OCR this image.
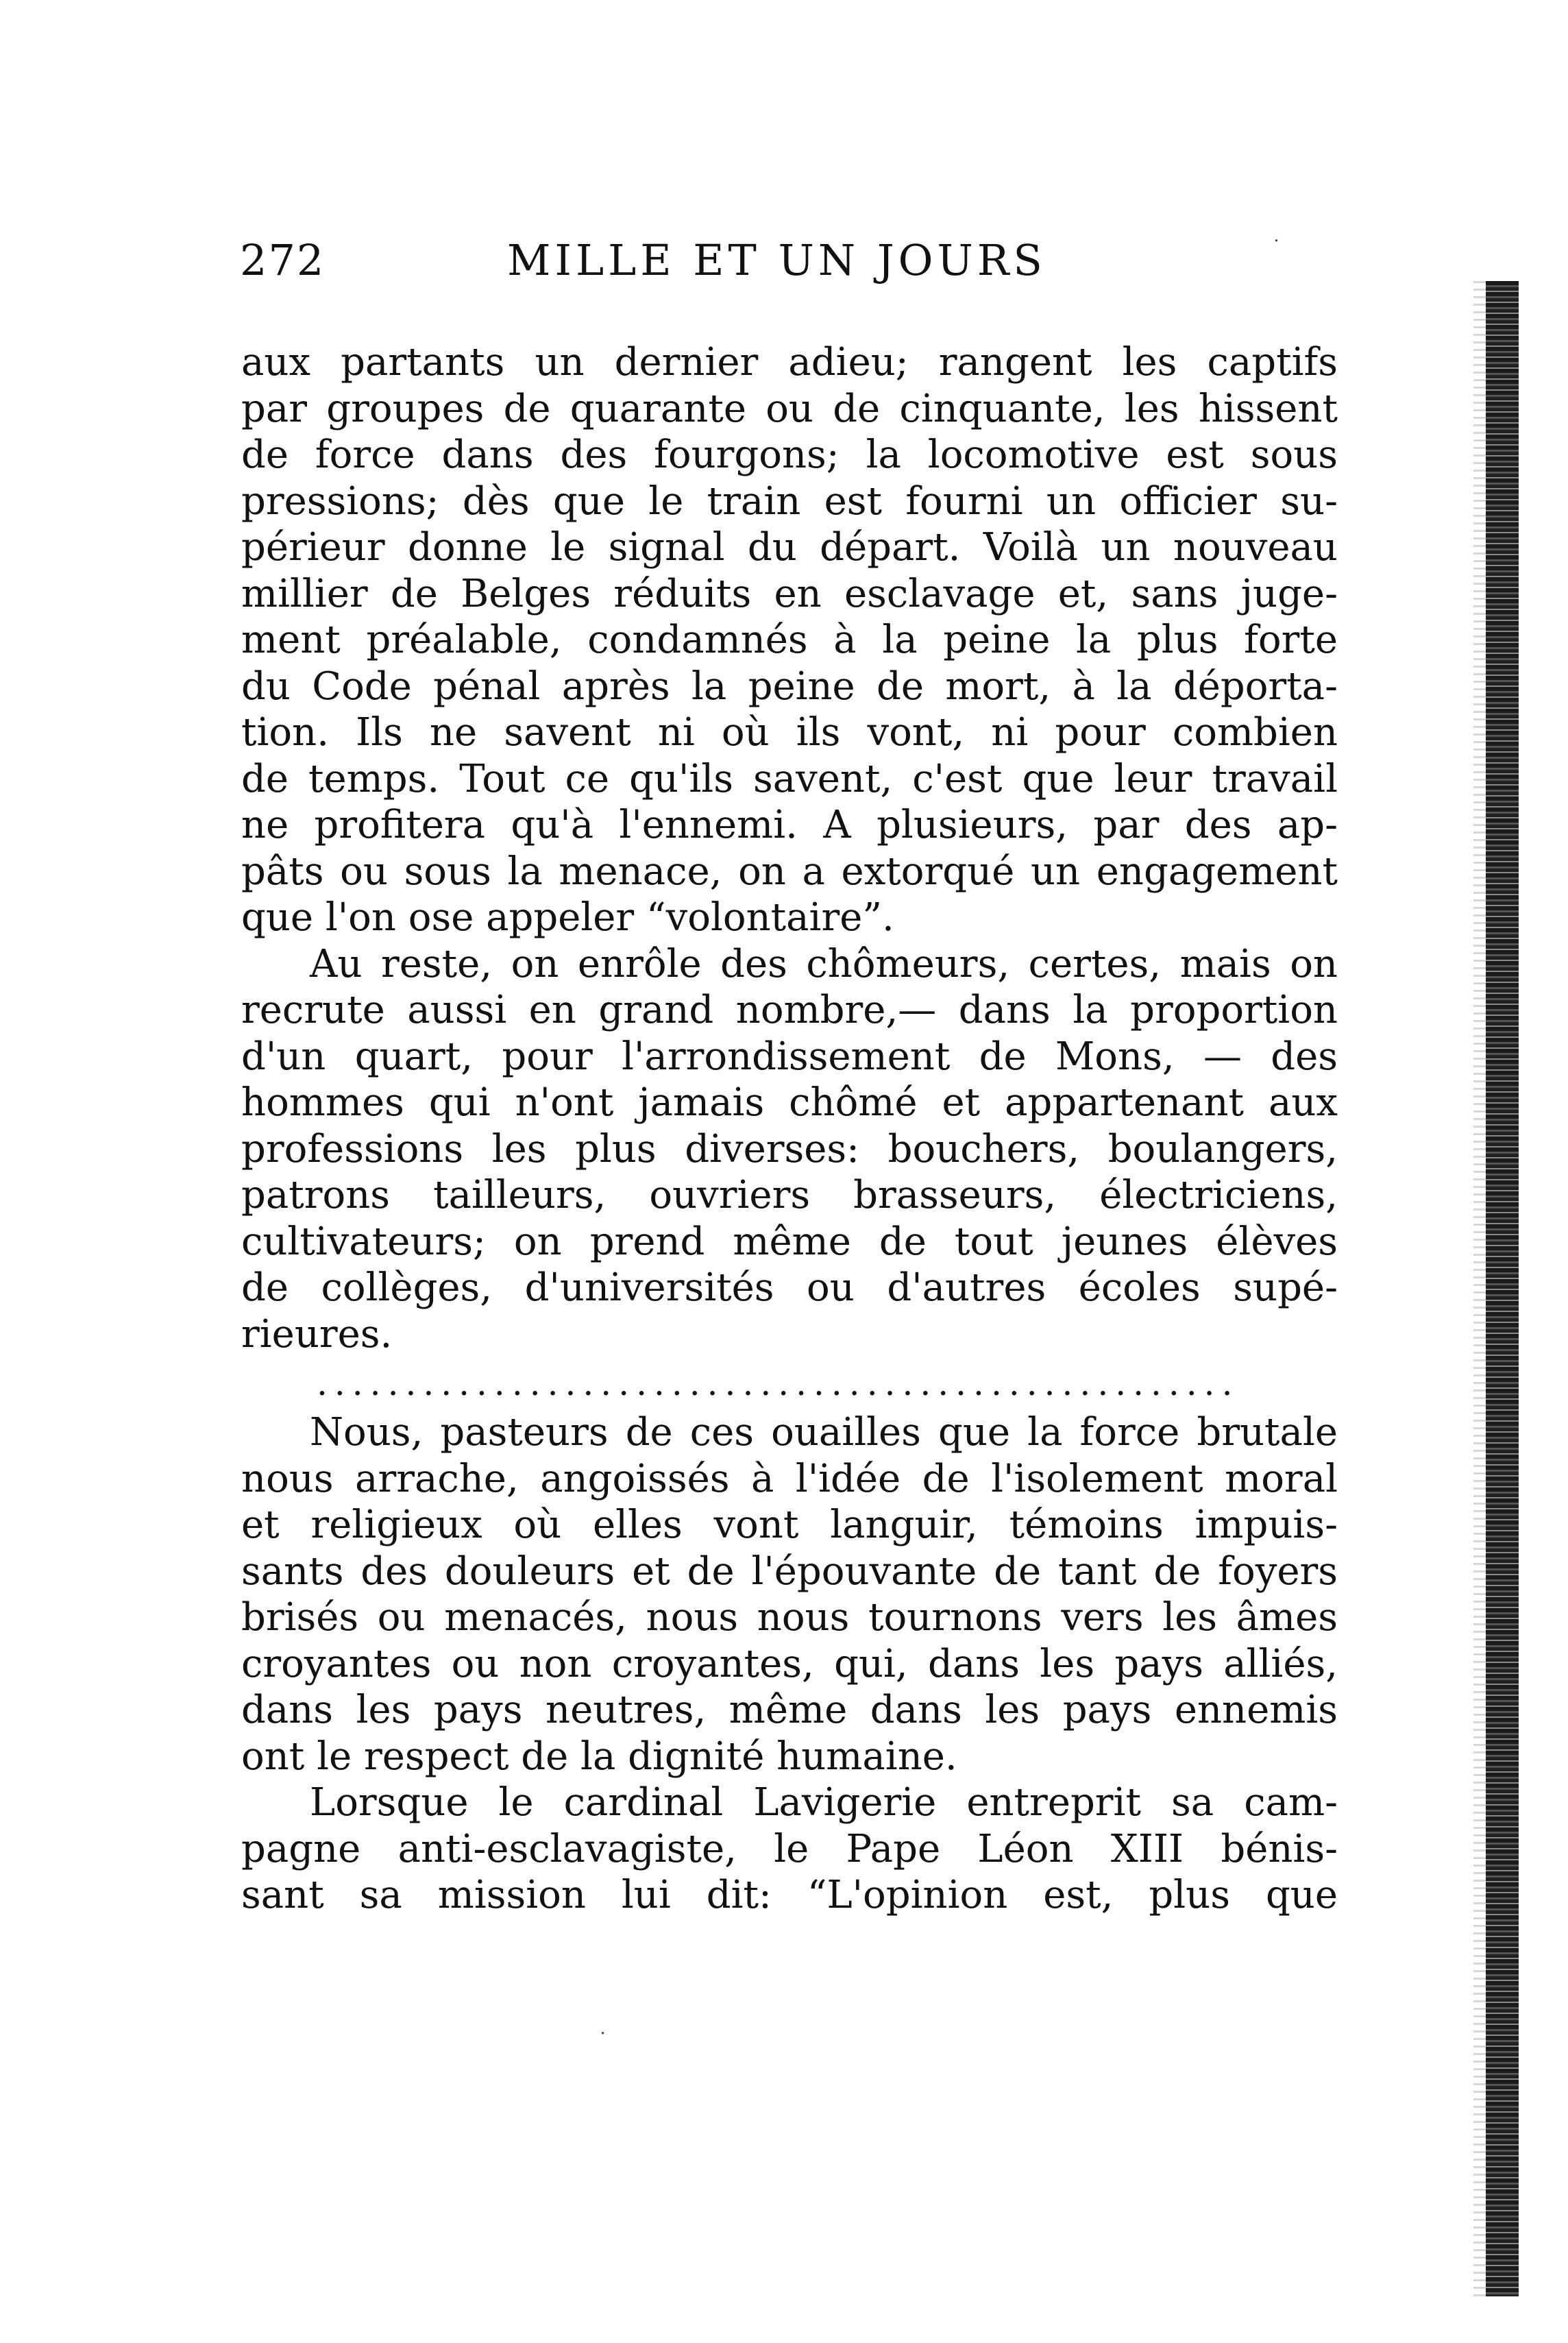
272	MILLE ET UN JOURS	˙
aux partants un dernier adieu; rangent les captifs
par groupes de quarante ou de cinquante, les hissent
de force dans des fourgons; la locomotive est sous
pressions; dès que le train est fourni un officier su-
périeur donne le signal du départ. Voilà un nouveau
millier de Belges réduits en esclavage et, sans juge-
ment préalable, condamnés à la peine la plus forte
du Code pénal après la peine de mort, à la déporta-
tion. Ils ne savent ni où ils vont, ni pour combien
de temps. Tout ce qu'ils savent, c'est que leur travail
ne profitera qu'à l'ennemi. A plusieurs, par des ap-
pâts ou sous la menace, on a extorqué un engagement
que l'on ose appeler “volontaire”.
Au reste, on enrôle des chômeurs, certes, mais on
recrute aussi en grand nombre,— dans la proportion
d'un quart, pour l'arrondissement de Mons, — des
hommes qui n'ont jamais chômé et appartenant aux
professions les plus diverses: bouchers, boulangers,
patrons tailleurs, ouvriers brasseurs, électriciens,
cultivateurs; on prend même de tout jeunes élèves
de collèges, d'universités ou d'autres écoles supé-
rieures.
....................................................
Nous, pasteurs de ces ouailles que la force brutale
nous arrache, angoissés à l'idée de l'isolement moral
et religieux où elles vont languir, témoins impuis-
sants des douleurs et de l'épouvante de tant de foyers
brisés ou menacés, nous nous tournons vers les âmes
croyantes ou non croyantes, qui, dans les pays alliés,
dans les pays neutres, même dans les pays ennemis
ont le respect de la dignité humaine.
Lorsque le cardinal Lavigerie entreprit sa cam-
pagne anti-esclavagiste, le Pape Léon XIII bénis-
sant sa mission lui dit: “L'opinion est, plus que
˙
